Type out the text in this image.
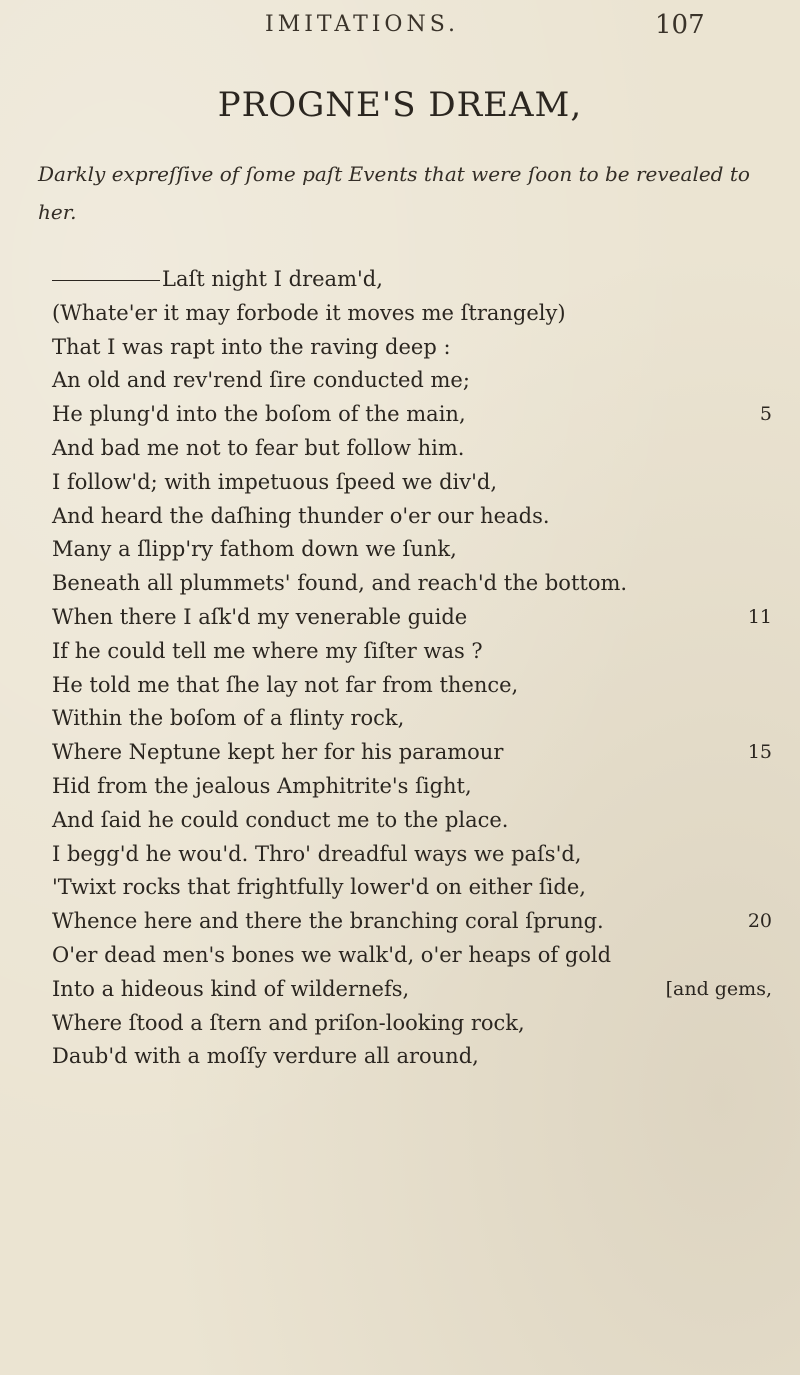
IMITATIONS.	107
PROGNE'S DREAM,
Darkly expreſſive of ſome paſt Events that were ſoon to be revealed to her.
Laſt night I dream'd,
(Whate'er it may forbode it moves me ſtrangely)
That I was rapt into the raving deep :
An old and rev'rend ſire conducted me;
He plung'd into the boſom of the main,	5
And bad me not to fear but follow him.
I follow'd; with impetuous ſpeed we div'd,
And heard the daſhing thunder o'er our heads.
Many a ſlipp'ry fathom down we ſunk,
Beneath all plummets' found, and reach'd the bottom.
When there I aſk'd my venerable guide	11
If he could tell me where my ſiſter was ?
He told me that ſhe lay not far from thence,
Within the boſom of a flinty rock,
Where Neptune kept her for his paramour	15
Hid from the jealous Amphitrite's ſight,
And ſaid he could conduct me to the place.
I begg'd he wou'd. Thro' dreadful ways we paſs'd,
'Twixt rocks that frightfully lower'd on either ſide,
Whence here and there the branching coral ſprung.	20
O'er dead men's bones we walk'd, o'er heaps of gold
Into a hideous kind of wildernefs,	[and gems,
Where ſtood a ſtern and priſon-looking rock,
Daub'd with a moſſy verdure all around,
